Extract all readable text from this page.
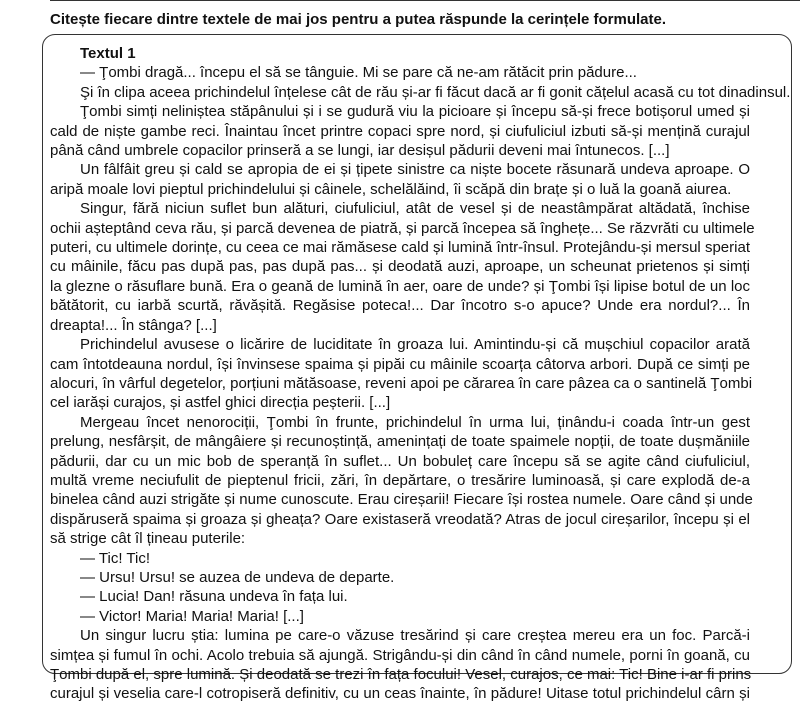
Citește fiecare dintre textele de mai jos pentru a putea răspunde la cerințele formulate.
Textul 1
— Ţombi dragă... începu el să se tânguie. Mi se pare că ne-am rătăcit prin pădure...
Şi în clipa aceea prichindelul înțelese cât de rău și-ar fi făcut dacă ar fi gonit cățelul acasă cu tot dinadinsul.
Ţombi simți neliniștea stăpânului și i se gudură viu la picioare și începu să-și frece botișorul umed și
cald de niște gambe reci. Înaintau încet printre copaci spre nord, și ciufuliciul izbuti să-și mențină curajul
până când umbrele copacilor prinseră a se lungi, iar desișul pădurii deveni mai întunecos. [...]
Un fâlfâit greu și cald se apropia de ei și țipete sinistre ca niște bocete răsunară undeva aproape. O
aripă moale lovi pieptul prichindelului și câinele, schelălăind, îi scăpă din brațe și o luă la goană aiurea.
Singur, fără niciun suflet bun alături, ciufuliciul, atât de vesel și de neastâmpărat altădată, închise
ochii așteptând ceva rău, și parcă devenea de piatră, și parcă începea să înghețe... Se răzvrăti cu ultimele
puteri, cu ultimele dorințe, cu ceea ce mai rămăsese cald și lumină într-însul. Protejându-și mersul speriat
cu mâinile, făcu pas după pas, pas după pas... și deodată auzi, aproape, un scheunat prietenos și simți
la glezne o răsuflare bună. Era o geană de lumină în aer, oare de unde? și Ţombi își lipise botul de un loc
bătătorit, cu iarbă scurtă, răvășită. Regăsise poteca!... Dar încotro s-o apuce? Unde era nordul?... În
dreapta!... În stânga? [...]
Prichindelul avusese o licărire de luciditate în groaza lui. Amintindu-și că mușchiul copacilor arată
cam întotdeauna nordul, își învinsese spaima și pipăi cu mâinile scoarța câtorva arbori. După ce simți pe
alocuri, în vârful degetelor, porțiuni mătăsoase, reveni apoi pe cărarea în care pâzea ca o santinelă Ţombi
cel iarăși curajos, și astfel ghici direcția peșterii. [...]
Mergeau încet nenorociții, Ţombi în frunte, prichindelul în urma lui, ținându-i coada într-un gest
prelung, nesfârșit, de mângâiere și recunoștință, amenințați de toate spaimele nopții, de toate dușmăniile
pădurii, dar cu un mic bob de speranță în suflet... Un bobuleț care începu să se agite când ciufuliciul,
multă vreme neciufulit de pieptenul fricii, zări, în depărtare, o tresărire luminoasă, și care explodă de-a
binelea când auzi strigăte și nume cunoscute. Erau cireșarii! Fiecare își rostea numele. Oare când și unde
dispăruseră spaima și groaza și gheața? Oare existaseră vreodată? Atras de jocul cireșarilor, începu și el
să strige cât îl țineau puterile:
— Tic! Tic!
— Ursu! Ursu! se auzea de undeva de departe.
— Lucia! Dan! răsuna undeva în fața lui.
— Victor! Maria! Maria! Maria! [...]
Un singur lucru știa: lumina pe care-o văzuse tresărind și care creștea mereu era un foc. Parcă-i
simțea și fumul în ochi. Acolo trebuia să ajungă. Strigându-și din când în când numele, porni în goană, cu
Ţombi după el, spre lumină. Și deodată se trezi în fața focului! Vesel, curajos, ce mai: Tic! Bine i-ar fi prins
curajul și veselia care-l cotropiseră definitiv, cu un ceas înainte, în pădure! Uitase totul prichindelul cârn și
